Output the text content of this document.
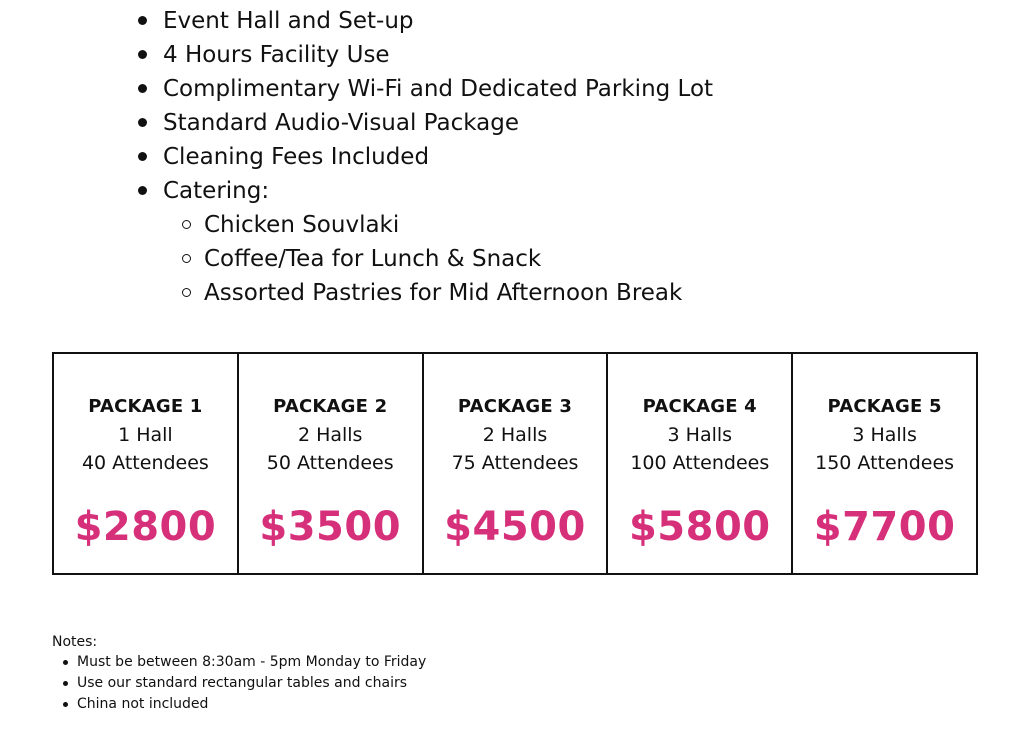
Event Hall and Set-up
4 Hours Facility Use
Complimentary Wi-Fi and Dedicated Parking Lot
Standard Audio-Visual Package
Cleaning Fees Included
Catering:
Chicken Souvlaki
Coffee/Tea for Lunch & Snack
Assorted Pastries for Mid Afternoon Break
PACKAGE 1
1 Hall
40 Attendees
$2800
PACKAGE 2
2 Halls
50 Attendees
$3500
PACKAGE 3
2 Halls
75 Attendees
$4500
PACKAGE 4
3 Halls
100 Attendees
$5800
PACKAGE 5
3 Halls
150 Attendees
$7700
Notes:
Must be between 8:30am - 5pm Monday to Friday
Use our standard rectangular tables and chairs
China not included
